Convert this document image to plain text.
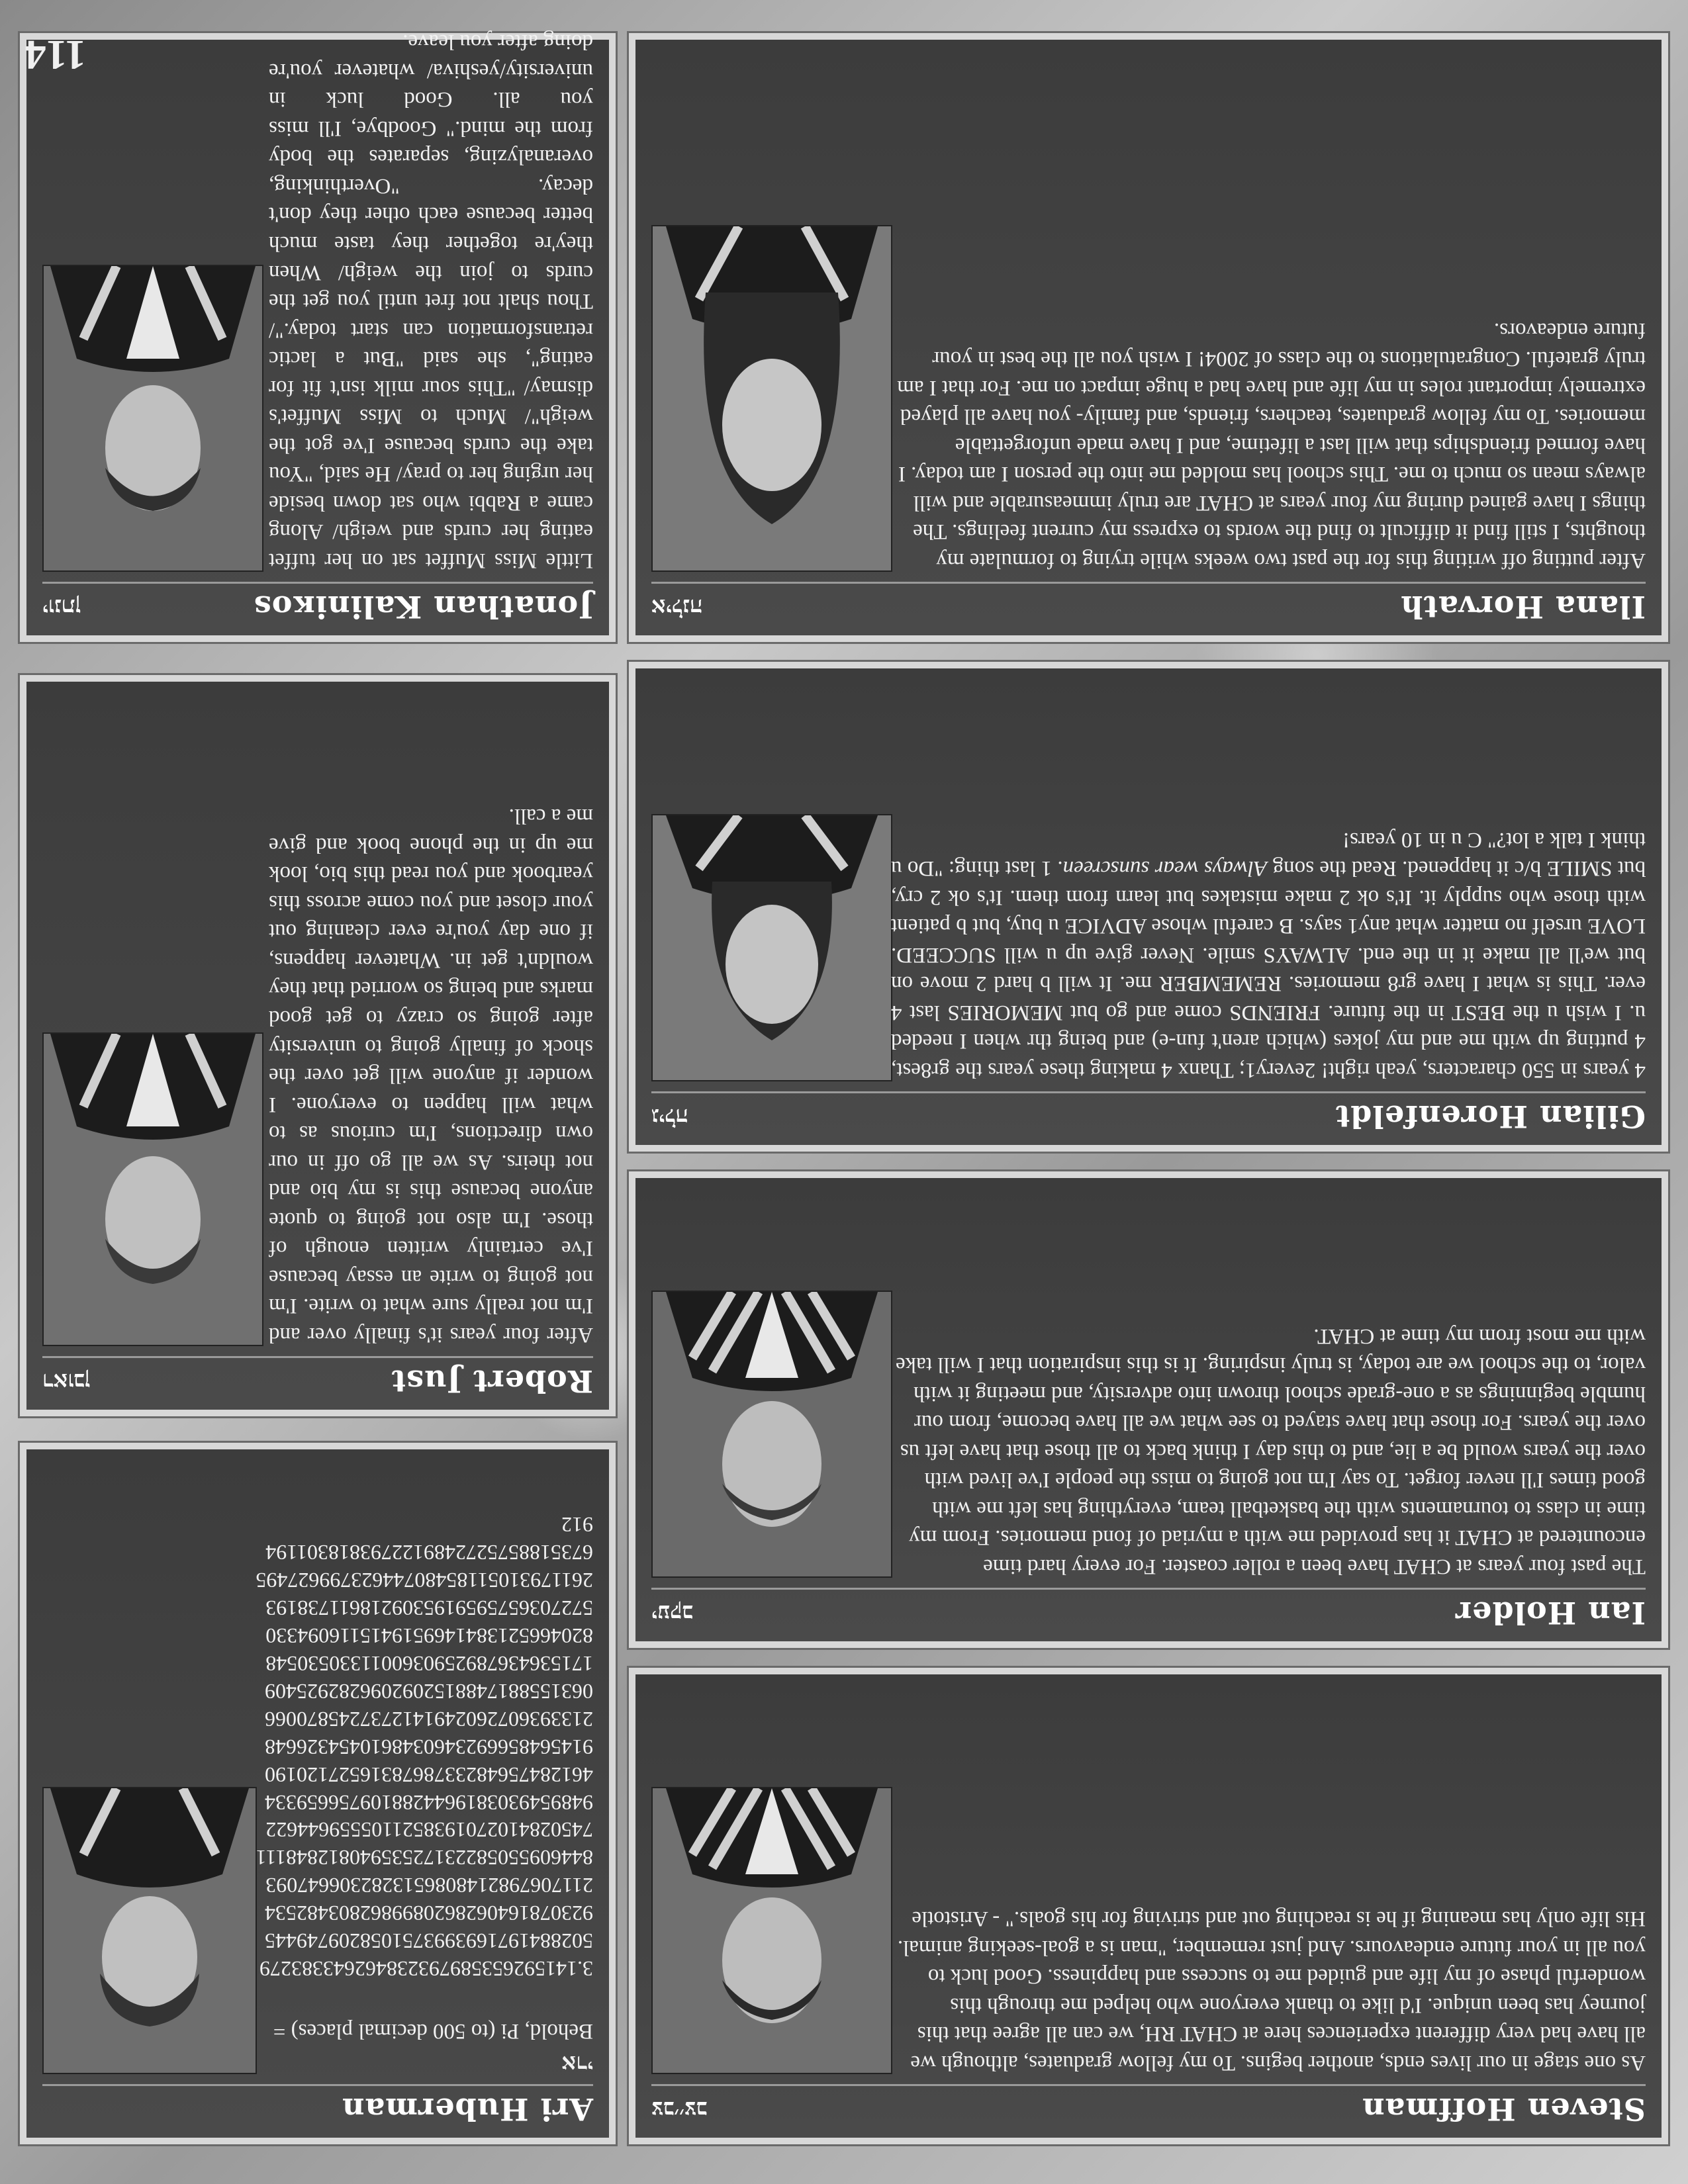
Steven Hoffman
צב׳׳צב
As one stage in our lives ends, another begins. To my fellow graduates, although we all have had very different experiences here at CHAT RH, we can all agree that this journey has been unique. I'd like to thank everyone who helped me through this wonderful phase of my life and guided me to success and happiness. Good luck to you all in your future endeavours. And just remember, "man is a goal-seeking animal. His life only has meaning if he is reaching out and striving for his goals." - Aristotle
Ian Holder
יעקב
The past four years at CHAT have been a roller coaster. For every hard time encountered at CHAT it has provided me with a myriad of fond memories. From my time in class to tournaments with the basketball team, everything has left me with good times I'll never forget. To say I'm not going to miss the people I've lived with over the years would be a lie, and to this day I think back to all those that have left us over the years. For those that have stayed to see what we all have become, from our humble beginnings as a one-grade school thrown into adversity, and meeting it with valor, to the school we are today, is truly inspiring. It is this inspiration that I will take with me most from my time at CHAT.
Gilian Horenfeldt
גילה
4 years in 550 characters, yeah right! 2every1; Thanx 4 making these years the gr8est, 4 putting up with me and my jokes (which aren't fun-e) and being thr when I needed u. I wish u the BEST in the future. FRIENDS come and go but MEMORIES last 4 ever. This is what I have gr8 memories. REMEMBER me. It will b hard 2 move on but we'll all make it in the end. ALWAYS smile. Never give up u will SUCCEED. LOVE urself no matter what any1 says. B careful whose ADVICE u buy, but b patient with those who supply it. It's ok 2 make mistakes but learn from them. It's ok 2 cry, but SMILE b/c it happened. Read the song Always wear sunscreen. 1 last thing: "Do u think I talk a lot?" C u in 10 years!
Ilana Horvath
אילנה
After putting off writing this for the past two weeks while trying to formulate my thoughts, I still find it difficult to find the words to express my current feelings. The things I have gained during my four years at CHAT are truly immeasurable and will always mean so much to me. This school has molded me into the person I am today. I have formed friendships that will last a lifetime, and I have made unforgettable memories. To my fellow graduates, teachers, friends, and family- you have all played extremely important roles in my life and have had a huge impact on me. For that I am truly grateful. Congratulations to the class of 2004! I wish you all the best in your future endeavors.
Ari Huberman
ארי
Behold, Pi (to 500 decimal places) =
3.14159265358979323846264338327950288419716939937510582097494459230781640628620899862803482534211706798214808651328230664709384460955058223172535940812848111745028410270193852110555964462294895493038196442881097566593344612847564823378678316527120190914564856692346034861045432664821339360726024914127372458700660631558817488152092096282925409171536436789259036001133053054882046652138414695194151160943305727036575959195309218611738193261179310511854807446237996274956735188575272489122793818301194912
Robert Just
ראובן
After four years it's finally over and I'm not really sure what to write. I'm not going to write an essay because I've certainly written enough of those. I'm also not going to quote anyone because this is my bio and not theirs. As we all go off in our own directions, I'm curious as to what will happen to everyone. I wonder if anyone will get over the shock of finally going to university after going so crazy to get good marks and being so worried that they wouldn't get in. Whatever happens, if one day you're ever cleaning out your closet and you come across this yearbook and you read this bio, look me up in the phone book and give me a call.
Jonathan Kaliniкos
יונתן
Little Miss Muffet sat on her tuffet eating her curds and weigh/ Along came a Rabbi who sat down beside her urging her to pray/ He said, "You take the curds because I've got the weigh"/ Much to Miss Muffet's dismay/ "This sour milk isn't fit for eating", she said "But a lactic retransformation can start today."/ Thou shalt not fret until you get the curds to join the weigh/ When they're together they taste much better because each other they don't decay. "Overthinking, overanalyzing, separates the body from the mind." Goodbye, I'll miss you all. Good luck in university/yeshiva/ whatever you're doing after you leave.
114
